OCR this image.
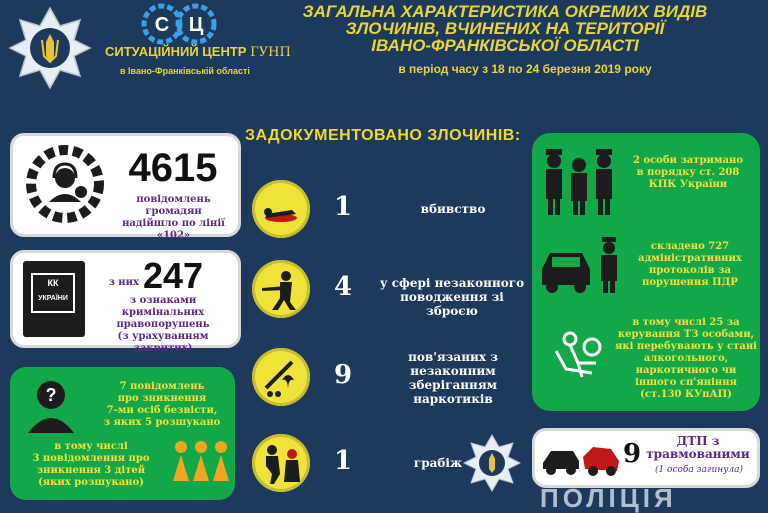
С Ц
СИТУАЦІЙНИЙ ЦЕНТР ГУНП
в Івано-Франківській області
ЗАГАЛЬНА ХАРАКТЕРИСТИКА ОКРЕМИХ ВИДІВ
ЗЛОЧИНІВ, ВЧИНЕНИХ НА ТЕРИТОРІЇ
ІВАНО-ФРАНКІВСЬКОЇ ОБЛАСТІ
в період часу з 18 по 24 березня 2019 року
ЗАДОКУМЕНТОВАНО ЗЛОЧИНІВ:
4615
повідомлень громадян
надійшло по лінії «102»
КК
УКРАЇНИ
з них 247
з ознаками кримінальних
правопорушень
(з урахуванням закритих)
?	7 повідомлень
про зникнення
7-ми осіб безвісти,
з яких 5 розшукано
в тому числі
3 повідомлення про
зникнення 3 дітей
(яких розшукано)
1	вбивство
4	у сфері незаконного
поводження зі зброєю
9
пов'язаних з
незаконним
зберіганням
наркотиків
1	грабіж
2 особи затримано
в порядку ст. 208
КПК України
складено 727
адміністративних
протоколів за
порушення ПДР
в тому числі 25 за
керування ТЗ особами,
які перебувають у стані
алкогольного,
наркотичного чи
іншого сп'яніння
(ст.130 КУпАП)
9	ДТП з
травмованими
(1 особа загинула)
ПОЛІЦІЯ
